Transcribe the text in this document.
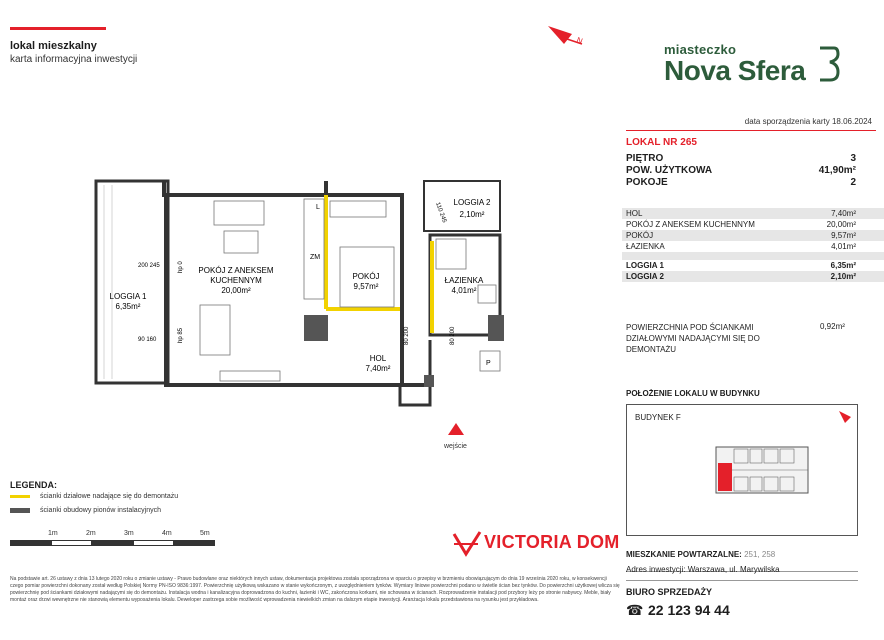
lokal mieszkalny
karta informacyjna inwestycji
N
miasteczko
Nova Sfera
data sporządzenia karty 18.06.2024
LOKAL NR 265
PIĘTRO	3
POW. UŻYTKOWA	41,90m²
POKOJE	2
HOL	7,40m²
POKÓJ Z ANEKSEM KUCHENNYM	20,00m²
POKÓJ	9,57m²
ŁAZIENKA	4,01m²
LOGGIA 1	6,35m²
LOGGIA 2	2,10m²
POWIERZCHNIA POD ŚCIANKAMI DZIAŁOWYMI NADAJĄCYMI SIĘ DO DEMONTAŻU
0,92m²
POŁOŻENIE LOKALU W BUDYNKU
BUDYNEK F
MIESZKANIE POWTARZALNE: 251, 258
Adres inwestycji: Warszawa, ul. Marywilska
BIURO SPRZEDAŻY
☎ 22 123 94 44
LEGENDA:
ścianki działowe nadające się do demontażu
ścianki obudowy pionów instalacyjnych
1m	2m	3m	4m	5m	VICTORIA DOM
Na podstawie art. 26 ustawy z dnia 13 lutego 2020 roku o zmianie ustawy - Prawo budowlane oraz niektórych innych ustaw, dokumentacja projektowa została sporządzona w oparciu o przepisy w brzmieniu obowiązującym do dnia 19 września 2020 roku, w konsekwencji czego pomiar powierzchni dokonany został według Polskiej Normy PN-ISO 9836:1997. Powierzchnię użytkową wskazano w stanie wykończonym, z uwzględnieniem tynków. Wymiary liniowe powierzchni podano w świetle ścian bez tynków. Do powierzchni użytkowej wlicza się powierzchnię pod ściankami działowymi nadającymi się do demontażu. Instalacja wodna i kanalizacyjna doprowadzona do kuchni, łazienki i WC, zakończona korkami, nie schowana w ścianach. Rozprowadzenie instalacji pod przybory leży po stronie nabywcy. Meble, biały montaż oraz drzwi wewnętrzne nie stanowią elementu wyposażenia lokalu. Deweloper zastrzega sobie możliwość wprowadzenia niewielkich zmian na dalszym etapie inwestycji. Aranżacja lokalu przedstawiona na rysunku jest przykładowa.
POKÓJ Z ANEKSEM KUCHENNYM
20,00m²
POKÓJ
9,57m²
ŁAZIENKA
4,01m²
HOL
7,40m²
LOGGIA 1
6,35m²
LOGGIA 2
2,10m²
L
ZM
P
hp 0
hp 85
200 245
90 160	80 200	80 200
110 245
wejście
